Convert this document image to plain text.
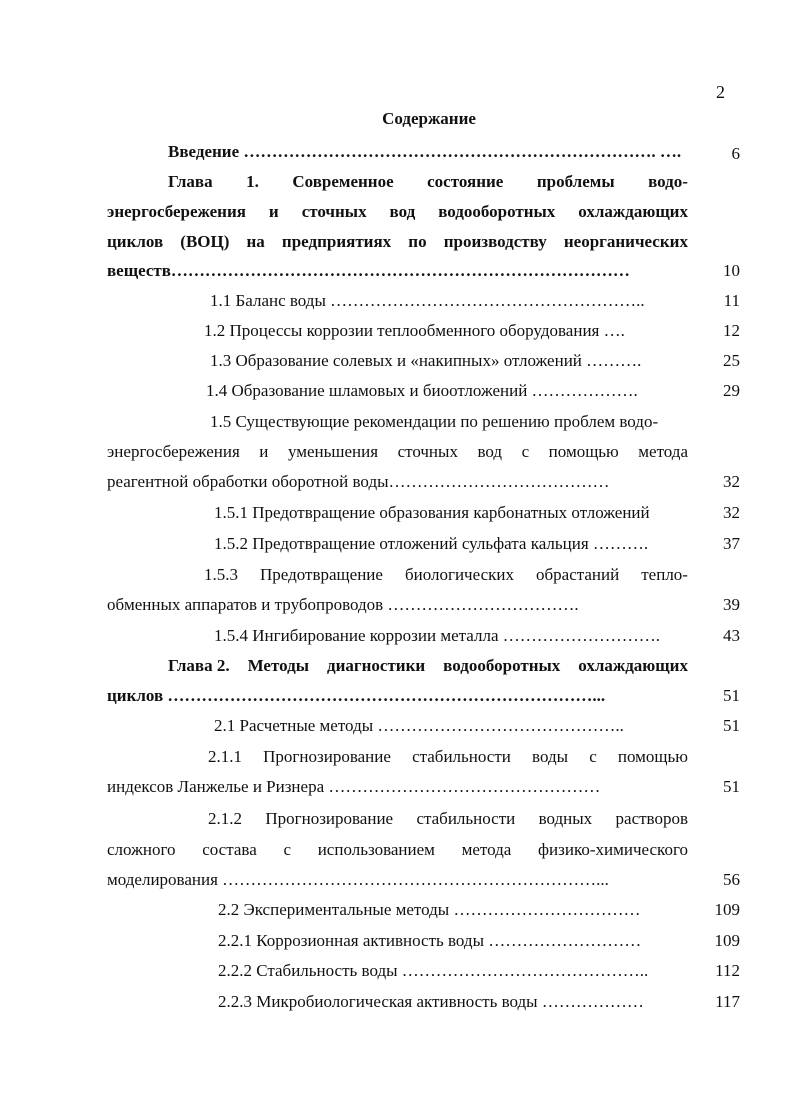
2
Содержание
Введение ………………………………………………………………. ….	6
Глава 1. Современное состояние проблемы водо-
энергосбережения и сточных вод водооборотных охлаждающих
циклов (ВОЦ) на предприятиях по производству неорганических
веществ………………………………………………………………………	10
1.1 Баланс воды ………………………………………………..	11
1.2 Процессы коррозии теплообменного оборудования ….	12
1.3 Образование солевых и «накипных» отложений ……….	25
1.4 Образование шламовых и биоотложений ……………….	29
1.5 Существующие рекомендации по решению проблем водо-
энергосбережения и уменьшения сточных вод с помощью метода
реагентной обработки оборотной воды…………………………………	32
1.5.1 Предотвращение образования карбонатных отложений	32
1.5.2 Предотвращение отложений сульфата кальция ……….	37
1.5.3 Предотвращение биологических обрастаний тепло-
обменных аппаратов и трубопроводов …………………………….	39
1.5.4 Ингибирование коррозии металла ……………………….	43
Глава 2. Методы диагностики водооборотных охлаждающих
циклов …………………………………………………………………...	51
2.1 Расчетные методы ……………………………………..	51
2.1.1 Прогнозирование стабильности воды с помощью
индексов Ланжелье и Ризнера …………………………………………	51
2.1.2 Прогнозирование стабильности водных растворов
сложного состава с использованием метода физико-химического
моделирования …………………………………………………………...	56
2.2 Экспериментальные методы ……………………………	109
2.2.1 Коррозионная активность воды ………………………	109
2.2.2 Стабильность воды ……………………………………..	112
2.2.3 Микробиологическая активность воды ………………	117
